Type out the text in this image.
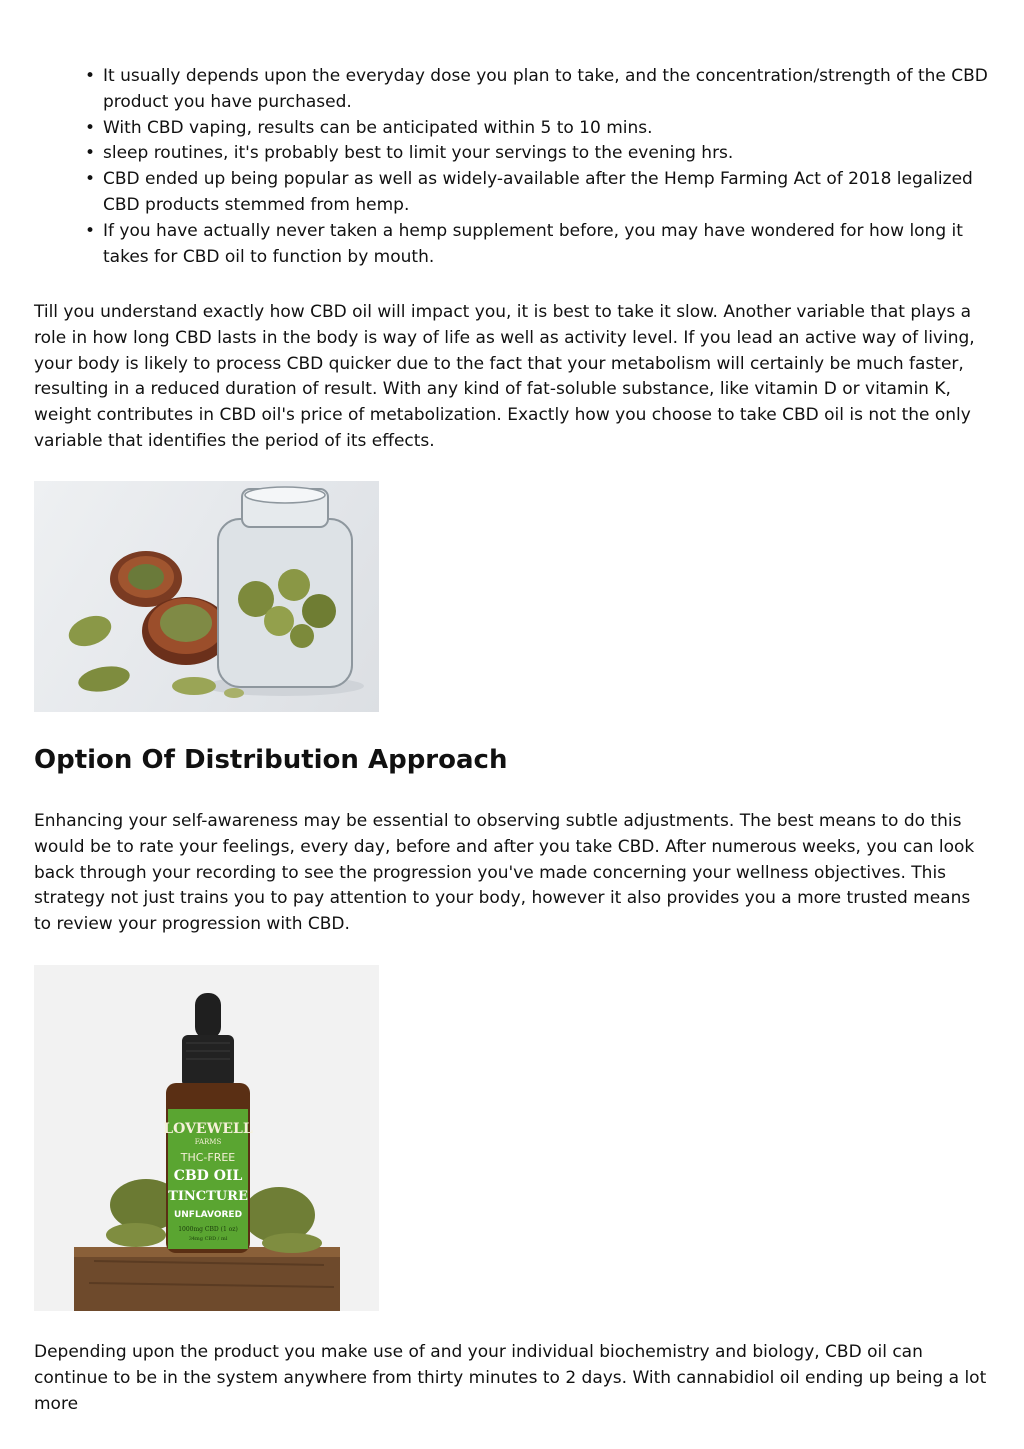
• It usually depends upon the everyday dose you plan to take, and the concentration/strength of the CBD product you have purchased.
• With CBD vaping, results can be anticipated within 5 to 10 mins.
• sleep routines, it's probably best to limit your servings to the evening hrs.
• CBD ended up being popular as well as widely-available after the Hemp Farming Act of 2018 legalized CBD products stemmed from hemp.
• If you have actually never taken a hemp supplement before, you may have wondered for how long it takes for CBD oil to function by mouth.

Till you understand exactly how CBD oil will impact you, it is best to take it slow. Another variable that plays a role in how long CBD lasts in the body is way of life as well as activity level. If you lead an active way of living, your body is likely to process CBD quicker due to the fact that your metabolism will certainly be much faster, resulting in a reduced duration of result. With any kind of fat-soluble substance, like vitamin D or vitamin K, weight contributes in CBD oil's price of metabolization. Exactly how you choose to take CBD oil is not the only variable that identifies the period of its effects.

Option Of Distribution Approach

Enhancing your self-awareness may be essential to observing subtle adjustments. The best means to do this would be to rate your feelings, every day, before and after you take CBD. After numerous weeks, you can look back through your recording to see the progression you've made concerning your wellness objectives. This strategy not just trains you to pay attention to your body, however it also provides you a more trusted means to review your progression with CBD.

LOVEWELL
FARMS
THC-FREE
CBD OIL
TINCTURE
UNFLAVORED
1000mg CBD (1 oz)
34mg CBD / ml

Depending upon the product you make use of and your individual biochemistry and biology, CBD oil can continue to be in the system anywhere from thirty minutes to 2 days. With cannabidiol oil ending up being a lot more
